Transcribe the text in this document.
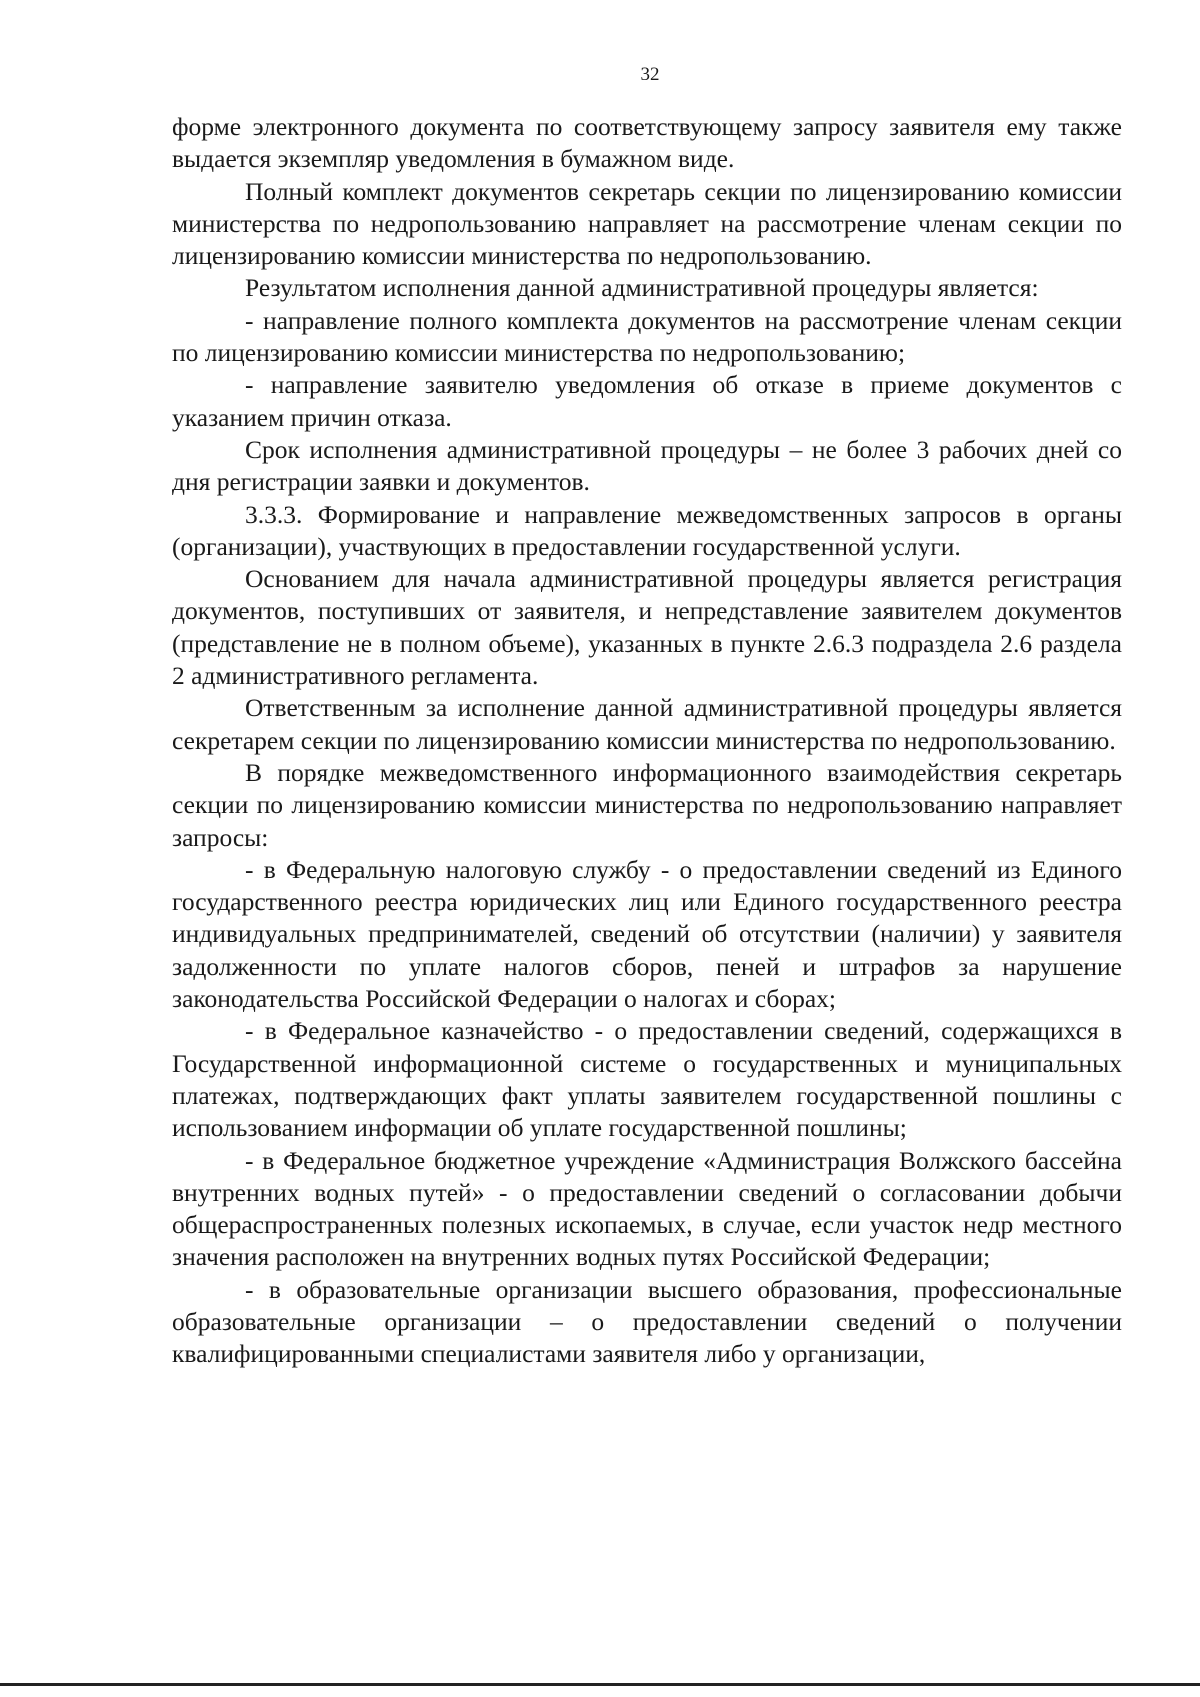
32

форме электронного документа по соответствующему запросу заявителя ему также выдается экземпляр уведомления в бумажном виде.

Полный комплект документов секретарь секции по лицензированию комиссии министерства по недропользованию направляет на рассмотрение членам секции по лицензированию комиссии министерства по недропользованию.

Результатом исполнения данной административной процедуры является:

- направление полного комплекта документов на рассмотрение членам секции по лицензированию комиссии министерства по недропользованию;

- направление заявителю уведомления об отказе в приеме документов с указанием причин отказа.

Срок исполнения административной процедуры – не более 3 рабочих дней со дня регистрации заявки и документов.

3.3.3. Формирование и направление межведомственных запросов в органы (организации), участвующих в предоставлении государственной услуги.

Основанием для начала административной процедуры является регистрация документов, поступивших от заявителя, и непредставление заявителем документов (представление не в полном объеме), указанных в пункте 2.6.3 подраздела 2.6 раздела 2 административного регламента.

Ответственным за исполнение данной административной процедуры является секретарем секции по лицензированию комиссии министерства по недропользованию.

В порядке межведомственного информационного взаимодействия секретарь секции по лицензированию комиссии министерства по недропользованию направляет запросы:

- в Федеральную налоговую службу - о предоставлении сведений из Единого государственного реестра юридических лиц или Единого государственного реестра индивидуальных предпринимателей, сведений об отсутствии (наличии) у заявителя задолженности по уплате налогов сборов, пеней и штрафов за нарушение законодательства Российской Федерации о налогах и сборах;

- в Федеральное казначейство - о предоставлении сведений, содержащихся в Государственной информационной системе о государственных и муниципальных платежах, подтверждающих факт уплаты заявителем государственной пошлины с использованием информации об уплате государственной пошлины;

- в Федеральное бюджетное учреждение «Администрация Волжского бассейна внутренних водных путей» - о предоставлении сведений о согласовании добычи общераспространенных полезных ископаемых, в случае, если участок недр местного значения расположен на внутренних водных путях Российской Федерации;

- в образовательные организации высшего образования, профессиональные образовательные организации – о предоставлении сведений о получении квалифицированными специалистами заявителя либо у организации,
